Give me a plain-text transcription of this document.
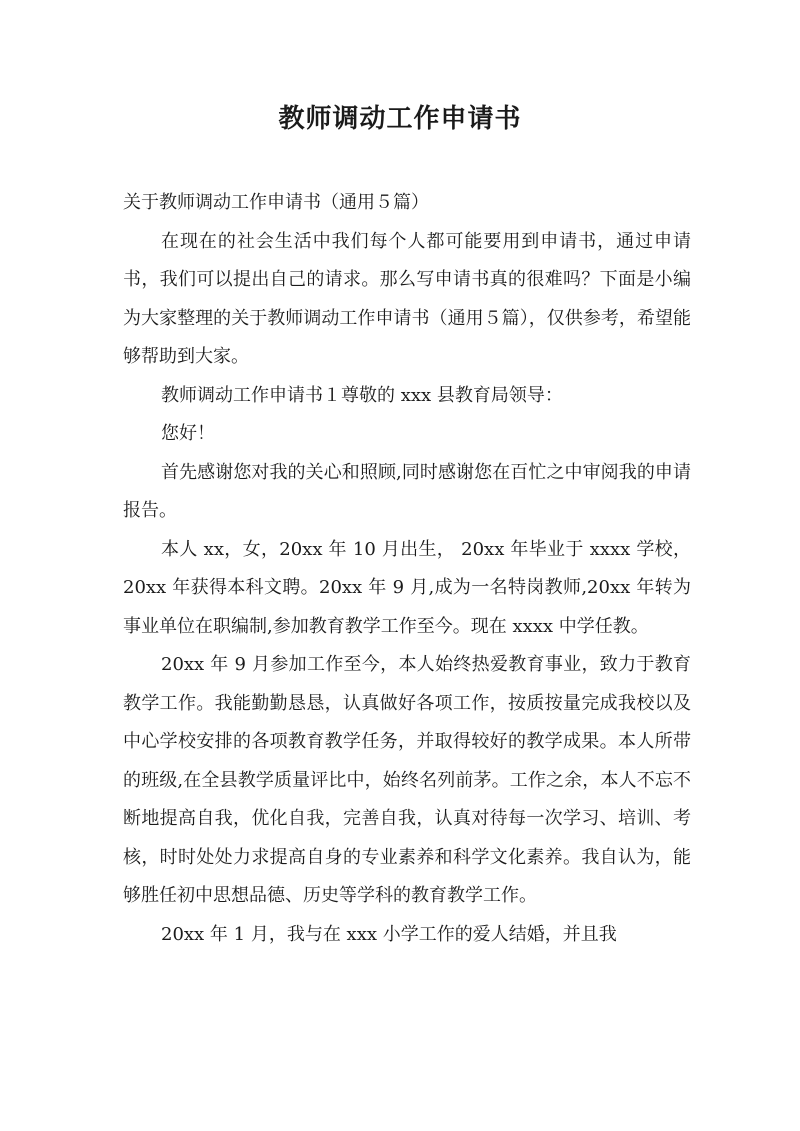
教师调动工作申请书

关于教师调动工作申请书（通用５篇）

在现在的社会生活中我们每个人都可能要用到申请书，通过申请书，我们可以提出自己的请求。那么写申请书真的很难吗？下面是小编为大家整理的关于教师调动工作申请书（通用５篇），仅供参考，希望能够帮助到大家。

教师调动工作申请书１尊敬的 xxx 县教育局领导：

您好！

首先感谢您对我的关心和照顾,同时感谢您在百忙之中审阅我的申请报告。

本人 xx，女，20xx 年 10 月出生， 20xx 年毕业于 xxxx 学校，20xx 年获得本科文聘。20xx 年 9 月,成为一名特岗教师,20xx 年转为事业单位在职编制,参加教育教学工作至今。现在 xxxx 中学任教。

20xx 年 9 月参加工作至今，本人始终热爱教育事业，致力于教育教学工作。我能勤勤恳恳，认真做好各项工作，按质按量完成我校以及中心学校安排的各项教育教学任务，并取得较好的教学成果。本人所带的班级,在全县教学质量评比中，始终名列前茅。工作之余，本人不忘不断地提高自我，优化自我，完善自我，认真对待每一次学习、培训、考核，时时处处力求提高自身的专业素养和科学文化素养。我自认为，能够胜任初中思想品德、历史等学科的教育教学工作。

20xx 年 1 月，我与在 xxx 小学工作的爱人结婚，并且我
